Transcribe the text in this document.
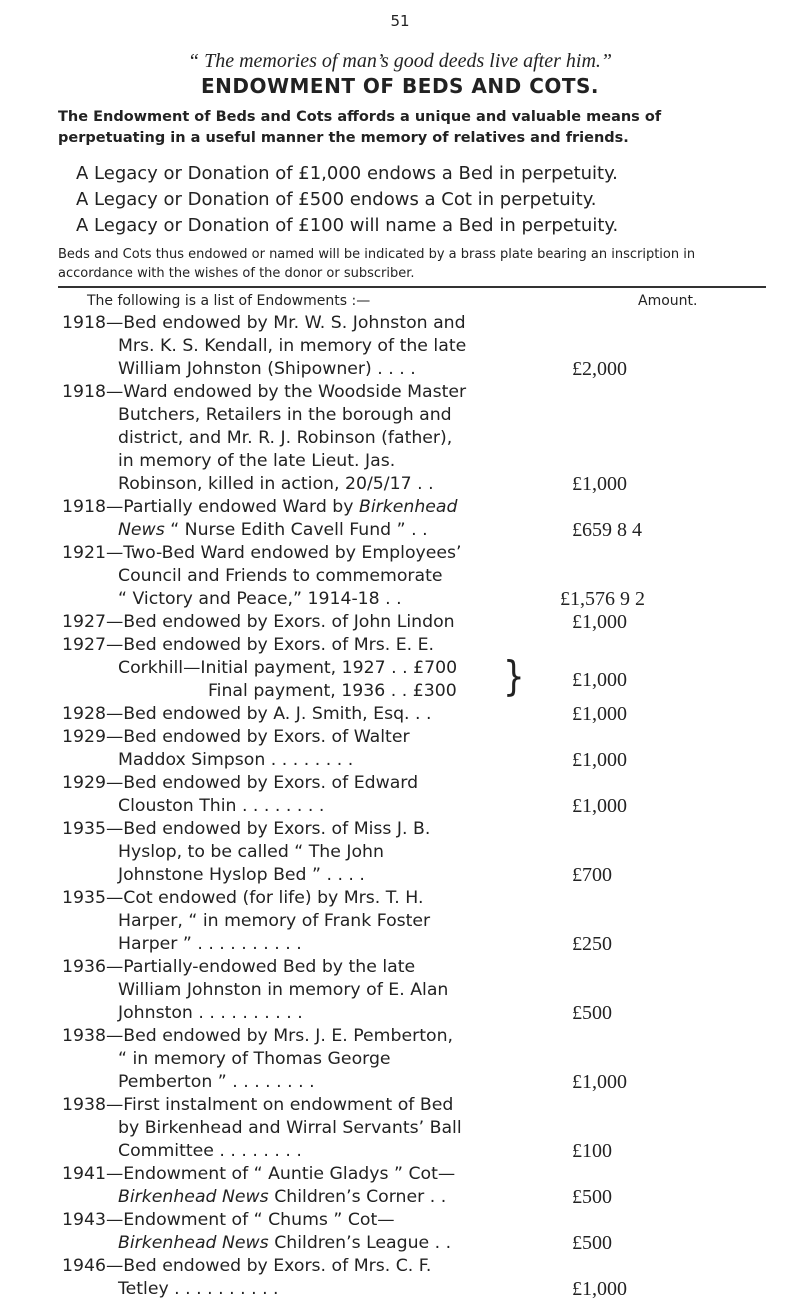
51
“ The memories of man’s good deeds live after him.”
ENDOWMENT OF BEDS AND COTS.
The Endowment of Beds and Cots affords a unique and valuable means of perpetuating in a useful manner the memory of relatives and friends.
A Legacy or Donation of £1,000 endows a Bed in perpetuity.
A Legacy or Donation of £500 endows a Cot in perpetuity.
A Legacy or Donation of £100 will name a Bed in perpetuity.
Beds and Cots thus endowed or named will be indicated by a brass plate bearing an inscription in accordance with the wishes of the donor or subscriber.
The following is a list of Endowments :—	Amount.
1918—Bed endowed by Mr. W. S. Johnston and
Mrs. K. S. Kendall, in memory of the late
William Johnston (Shipowner) . . . .	£2,000
1918—Ward endowed by the Woodside Master
Butchers, Retailers in the borough and
district, and Mr. R. J. Robinson (father),
in memory of the late Lieut. Jas.
Robinson, killed in action, 20/5/17 . .	£1,000
1918—Partially endowed Ward by Birkenhead
News “ Nurse Edith Cavell Fund ” . .	£659 8 4
1921—Two-Bed Ward endowed by Employees’
Council and Friends to commemorate
“ Victory and Peace,” 1914-18 . .	£1,576 9 2
1927—Bed endowed by Exors. of John Lindon	£1,000
1927—Bed endowed by Exors. of Mrs. E. E.
Corkhill—Initial payment, 1927 . . £700
Final payment, 1936 . . £300 } £1,000
1928—Bed endowed by A. J. Smith, Esq. . .	£1,000
1929—Bed endowed by Exors. of Walter
Maddox Simpson . . . . . . . .	£1,000
1929—Bed endowed by Exors. of Edward
Clouston Thin . . . . . . . .	£1,000
1935—Bed endowed by Exors. of Miss J. B.
Hyslop, to be called “ The John
Johnstone Hyslop Bed ” . . . .	£700
1935—Cot endowed (for life) by Mrs. T. H.
Harper, “ in memory of Frank Foster
Harper ” . . . . . . . . . .	£250
1936—Partially-endowed Bed by the late
William Johnston in memory of E. Alan
Johnston . . . . . . . . . .	£500
1938—Bed endowed by Mrs. J. E. Pemberton,
“ in memory of Thomas George
Pemberton ” . . . . . . . .	£1,000
1938—First instalment on endowment of Bed
by Birkenhead and Wirral Servants’ Ball
Committee . . . . . . . .	£100
1941—Endowment of “ Auntie Gladys ” Cot—
Birkenhead News Children’s Corner . .	£500
1943—Endowment of “ Chums ” Cot—
Birkenhead News Children’s League . .	£500
1946—Bed endowed by Exors. of Mrs. C. F.
Tetley . . . . . . . . . .	£1,000
